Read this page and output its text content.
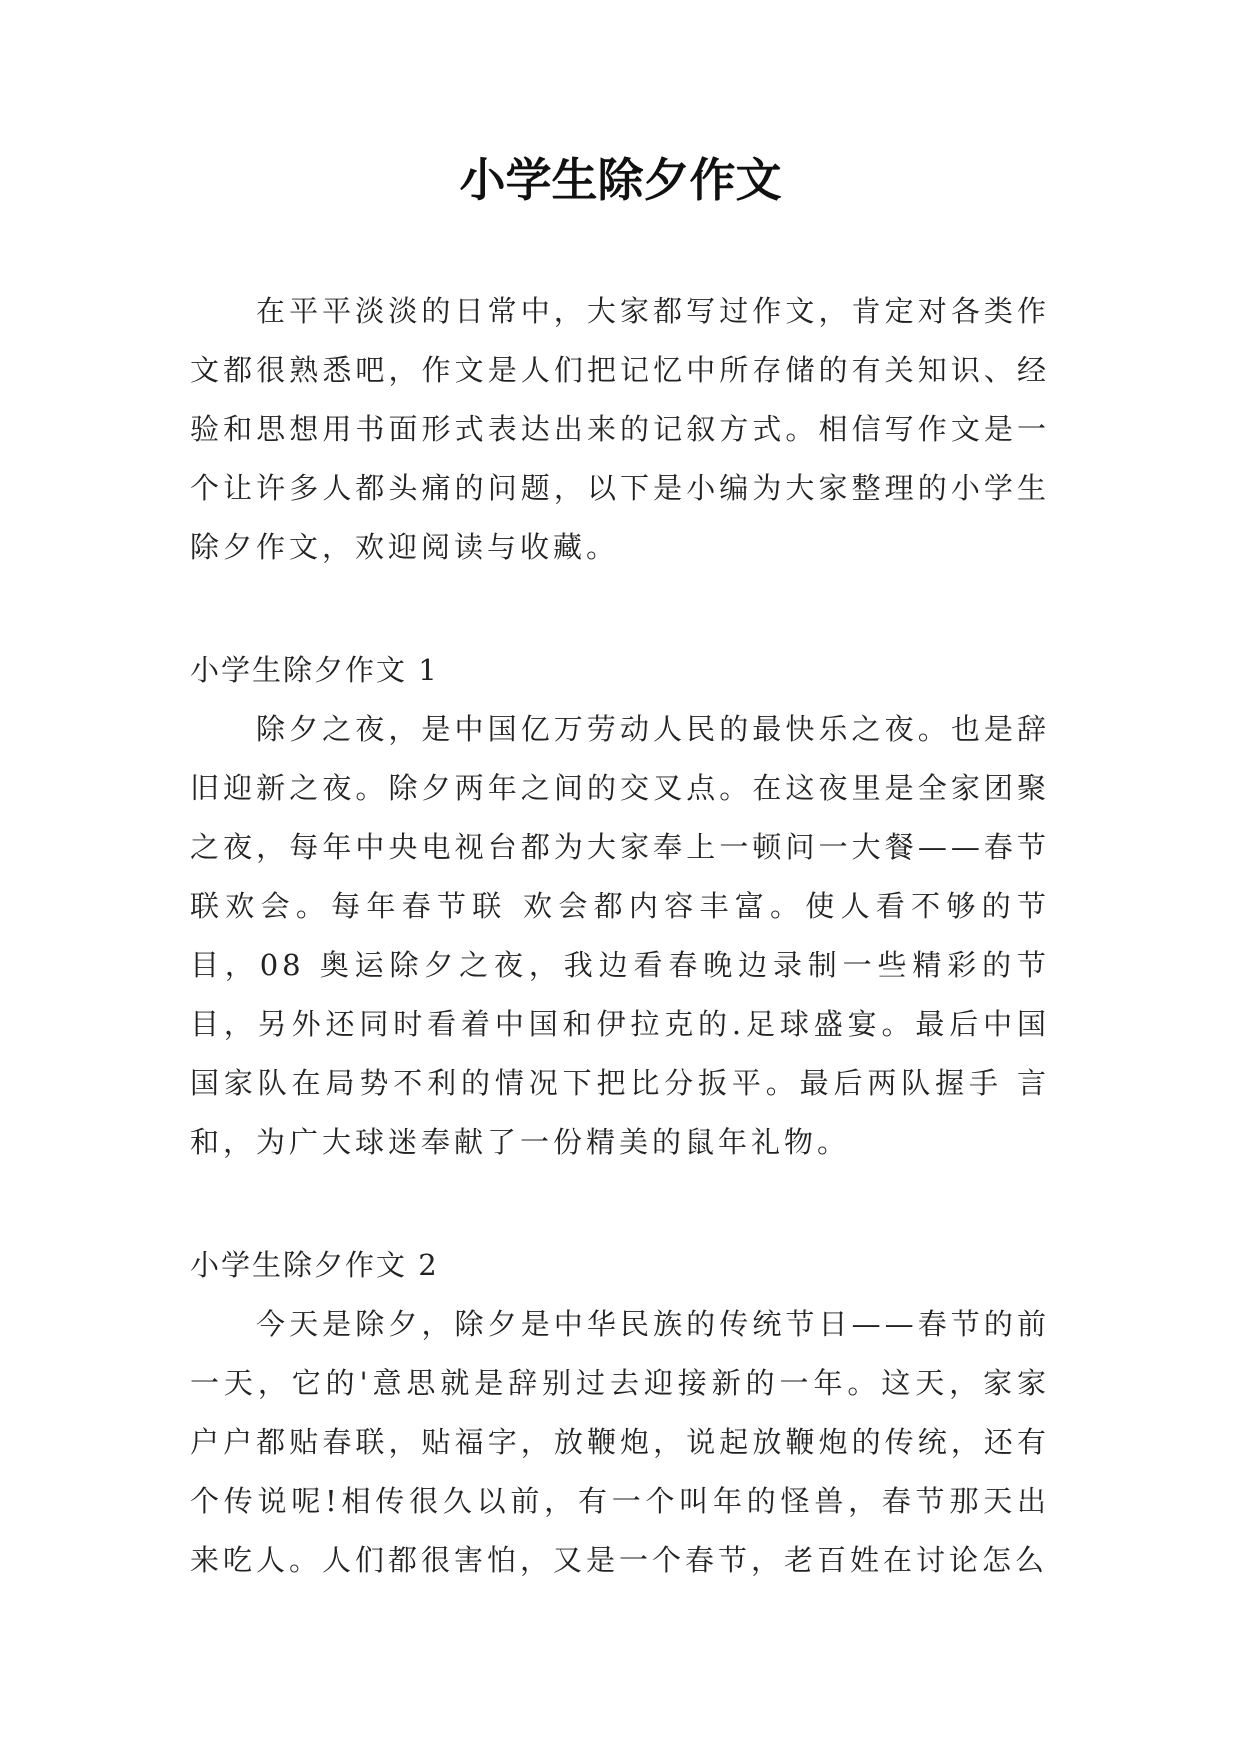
小学生除夕作文

在平平淡淡的日常中，大家都写过作文，肯定对各类作文都很熟悉吧，作文是人们把记忆中所存储的有关知识、经验和思想用书面形式表达出来的记叙方式。相信写作文是一个让许多人都头痛的问题，以下是小编为大家整理的小学生除夕作文，欢迎阅读与收藏。

小学生除夕作文 1

除夕之夜，是中国亿万劳动人民的最快乐之夜。也是辞旧迎新之夜。除夕两年之间的交叉点。在这夜里是全家团聚之夜，每年中央电视台都为大家奉上一顿问一大餐——春节联欢会。每年春节联 欢会都内容丰富。使人看不够的节目，08 奥运除夕之夜，我边看春晚边录制一些精彩的节目，另外还同时看着中国和伊拉克的.足球盛宴。最后中国国家队在局势不利的情况下把比分扳平。最后两队握手 言和，为广大球迷奉献了一份精美的鼠年礼物。

小学生除夕作文 2

今天是除夕，除夕是中华民族的传统节日——春节的前一天，它的'意思就是辞别过去迎接新的一年。这天，家家户户都贴春联，贴福字，放鞭炮，说起放鞭炮的传统，还有个传说呢!相传很久以前，有一个叫年的怪兽，春节那天出来吃人。人们都很害怕，又是一个春节，老百姓在讨论怎么
